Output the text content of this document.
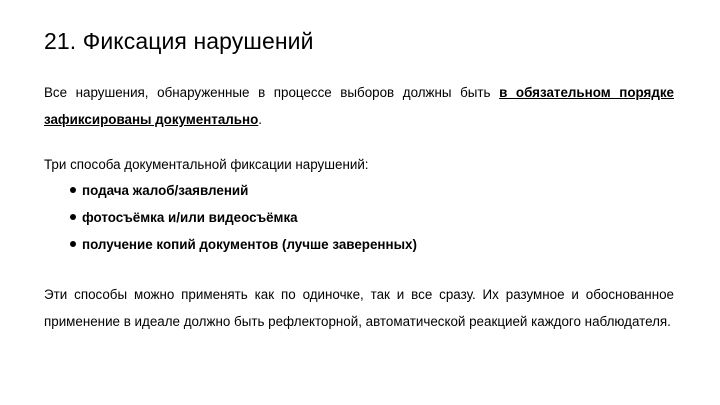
21. Фиксация нарушений

Все нарушения, обнаруженные в процессе выборов должны быть в обязательном порядке зафиксированы документально.

Три способа документальной фиксации нарушений:

подача жалоб/заявлений
фотосъёмка и/или видеосъёмка
получение копий документов (лучше заверенных)

Эти способы можно применять как по одиночке, так и все сразу. Их разумное и обоснованное применение в идеале должно быть рефлекторной, автоматической реакцией каждого наблюдателя.
